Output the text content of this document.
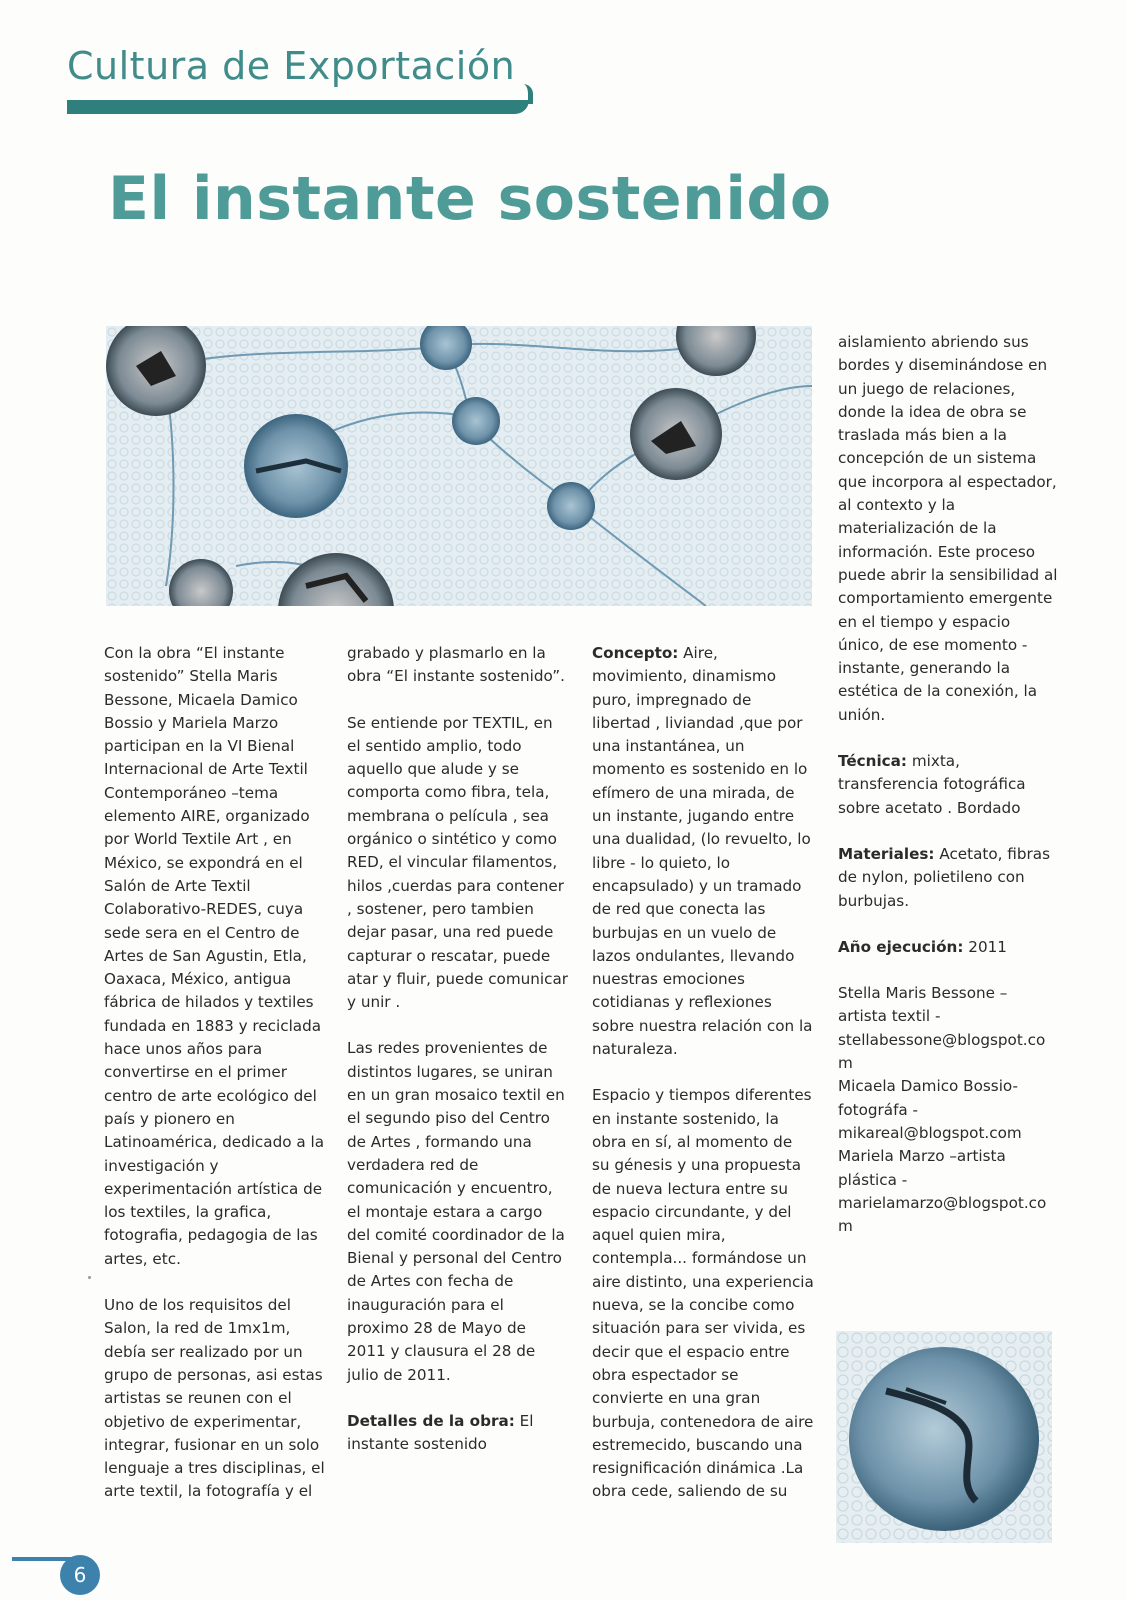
Cultura de Exportación
El instante sostenido

Con la obra “El instante sostenido” Stella Maris Bessone, Micaela Damico Bossio y Mariela Marzo participan en la VI Bienal Internacional de Arte Textil Contemporáneo –tema elemento AIRE, organizado por World Textile Art , en México, se expondrá en el Salón de Arte Textil Colaborativo-REDES, cuya sede sera en el Centro de Artes de San Agustin, Etla, Oaxaca, México, antigua fábrica de hilados y textiles fundada en 1883 y reciclada hace unos años para convertirse en el primer centro de arte ecológico del país y pionero en Latinoamérica, dedicado a la investigación y experimentación artística de los textiles, la grafica, fotografia, pedagogia de las artes, etc.

Uno de los requisitos del Salon, la red de 1mx1m, debía ser realizado por un grupo de personas, asi estas artistas se reunen con el objetivo de experimentar, integrar, fusionar en un solo lenguaje a tres disciplinas, el arte textil, la fotografía y el

grabado y plasmarlo en la obra “El instante sostenido”.

Se entiende por TEXTIL, en el sentido amplio, todo aquello que alude y se comporta como fibra, tela, membrana o película , sea orgánico o sintético y como RED, el vincular filamentos, hilos ,cuerdas para contener , sostener, pero tambien dejar pasar, una red puede capturar o rescatar, puede atar y fluir, puede comunicar y unir .

Las redes provenientes de distintos lugares, se uniran en un gran mosaico textil en el segundo piso del Centro de Artes , formando una verdadera red de comunicación y encuentro, el montaje estara a cargo del comité coordinador de la Bienal y personal del Centro de Artes con fecha de inauguración para el proximo 28 de Mayo de 2011 y clausura el 28 de julio de 2011.

Detalles de la obra: El instante sostenido

Concepto: Aire, movimiento, dinamismo puro, impregnado de libertad , liviandad ,que por una instantánea, un momento es sostenido en lo efímero de una mirada, de un instante, jugando entre una dualidad, (lo revuelto, lo libre - lo quieto, lo encapsulado) y un tramado de red que conecta las burbujas en un vuelo de lazos ondulantes, llevando nuestras emociones cotidianas y reflexiones sobre nuestra relación con la naturaleza.

Espacio y tiempos diferentes en instante sostenido, la obra en sí, al momento de su génesis y una propuesta de nueva lectura entre su espacio circundante, y del aquel quien mira, contempla... formándose un aire distinto, una experiencia nueva, se la concibe como situación para ser vivida, es decir que el espacio entre obra espectador se convierte en una gran burbuja, contenedora de aire estremecido, buscando una resignificación dinámica .La obra cede, saliendo de su

aislamiento abriendo sus bordes y diseminándose en un juego de relaciones, donde la idea de obra se traslada más bien a la concepción de un sistema que incorpora al espectador, al contexto y la materialización de la información. Este proceso puede abrir la sensibilidad al comportamiento emergente en el tiempo y espacio único, de ese momento - instante, generando la estética de la conexión, la unión.

Técnica: mixta, transferencia fotográfica sobre acetato . Bordado

Materiales: Acetato, fibras de nylon, polietileno con burbujas.

Año ejecución: 2011

Stella Maris Bessone – artista textil -
stellabessone@blogspot.com
Micaela Damico Bossio-fotográfa -
mikareal@blogspot.com
Mariela Marzo –artista plástica -
marielamarzo@blogspot.com
6
